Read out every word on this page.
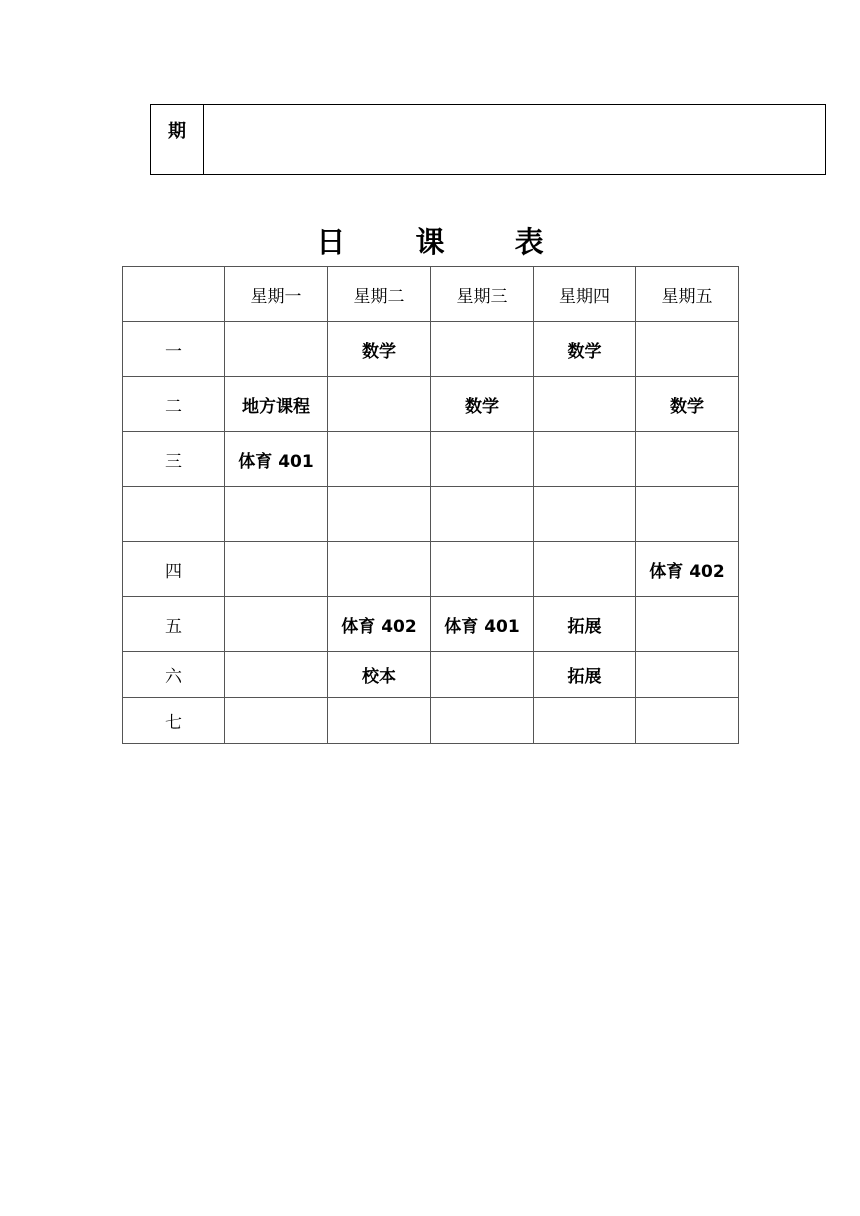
期
日 课 表
	星期一	星期二	星期三	星期四	星期五
一		数学		数学	
二	地方课程		数学		数学
三	体育 401				

四					体育 402
五		体育 402	体育 401	拓展	
六		校本		拓展	
七					
